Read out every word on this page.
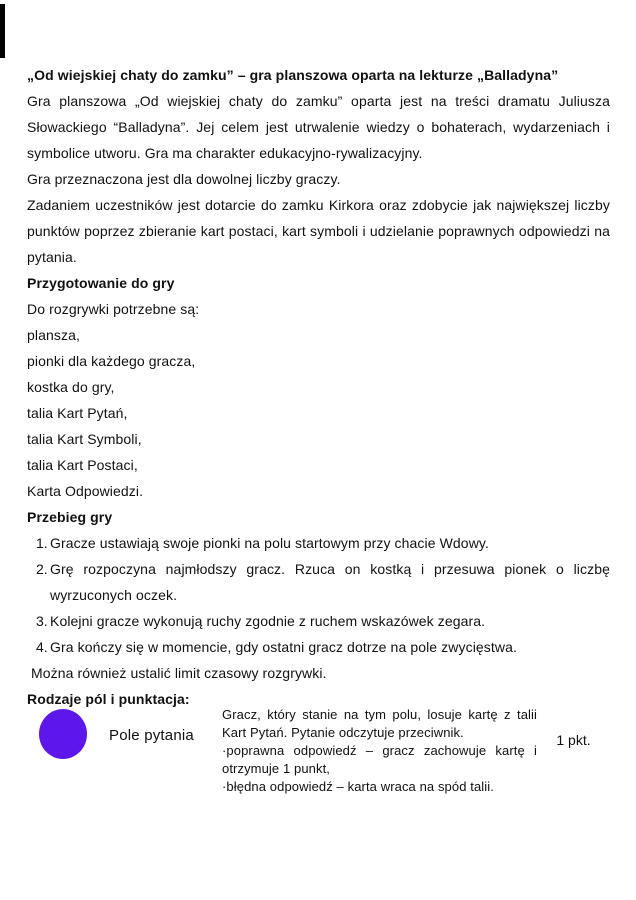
„Od wiejskiej chaty do zamku” – gra planszowa oparta na lekturze „Balladyna”

Gra planszowa „Od wiejskiej chaty do zamku” oparta jest na treści dramatu Juliusza Słowackiego “Balladyna”. Jej celem jest utrwalenie wiedzy o bohaterach, wydarzeniach i symbolice utworu. Gra ma charakter edukacyjno-rywalizacyjny.

Gra przeznaczona jest dla dowolnej liczby graczy.

Zadaniem uczestników jest dotarcie do zamku Kirkora oraz zdobycie jak największej liczby punktów poprzez zbieranie kart postaci, kart symboli i udzielanie poprawnych odpowiedzi na pytania.

Przygotowanie do gry

Do rozgrywki potrzebne są:

plansza,

pionki dla każdego gracza,

kostka do gry,

talia Kart Pytań,

talia Kart Symboli,

talia Kart Postaci,

Karta Odpowiedzi.

Przebieg gry
1. Gracze ustawiają swoje pionki na polu startowym przy chacie Wdowy.
2. Grę rozpoczyna najmłodszy gracz. Rzuca on kostką i przesuwa pionek o liczbę wyrzuconych oczek.
3. Kolejni gracze wykonują ruchy zgodnie z ruchem wskazówek zegara.
4. Gra kończy się w momencie, gdy ostatni gracz dotrze na pole zwycięstwa.

Można również ustalić limit czasowy rozgrywki.

Rodzaje pól i punktacja:
Pole pytania

Gracz, który stanie na tym polu, losuje kartę z talii Kart Pytań. Pytanie odczytuje przeciwnik.

·poprawna odpowiedź – gracz zachowuje kartę i otrzymuje 1 punkt,

·błędna odpowiedź – karta wraca na spód talii.

1 pkt.
